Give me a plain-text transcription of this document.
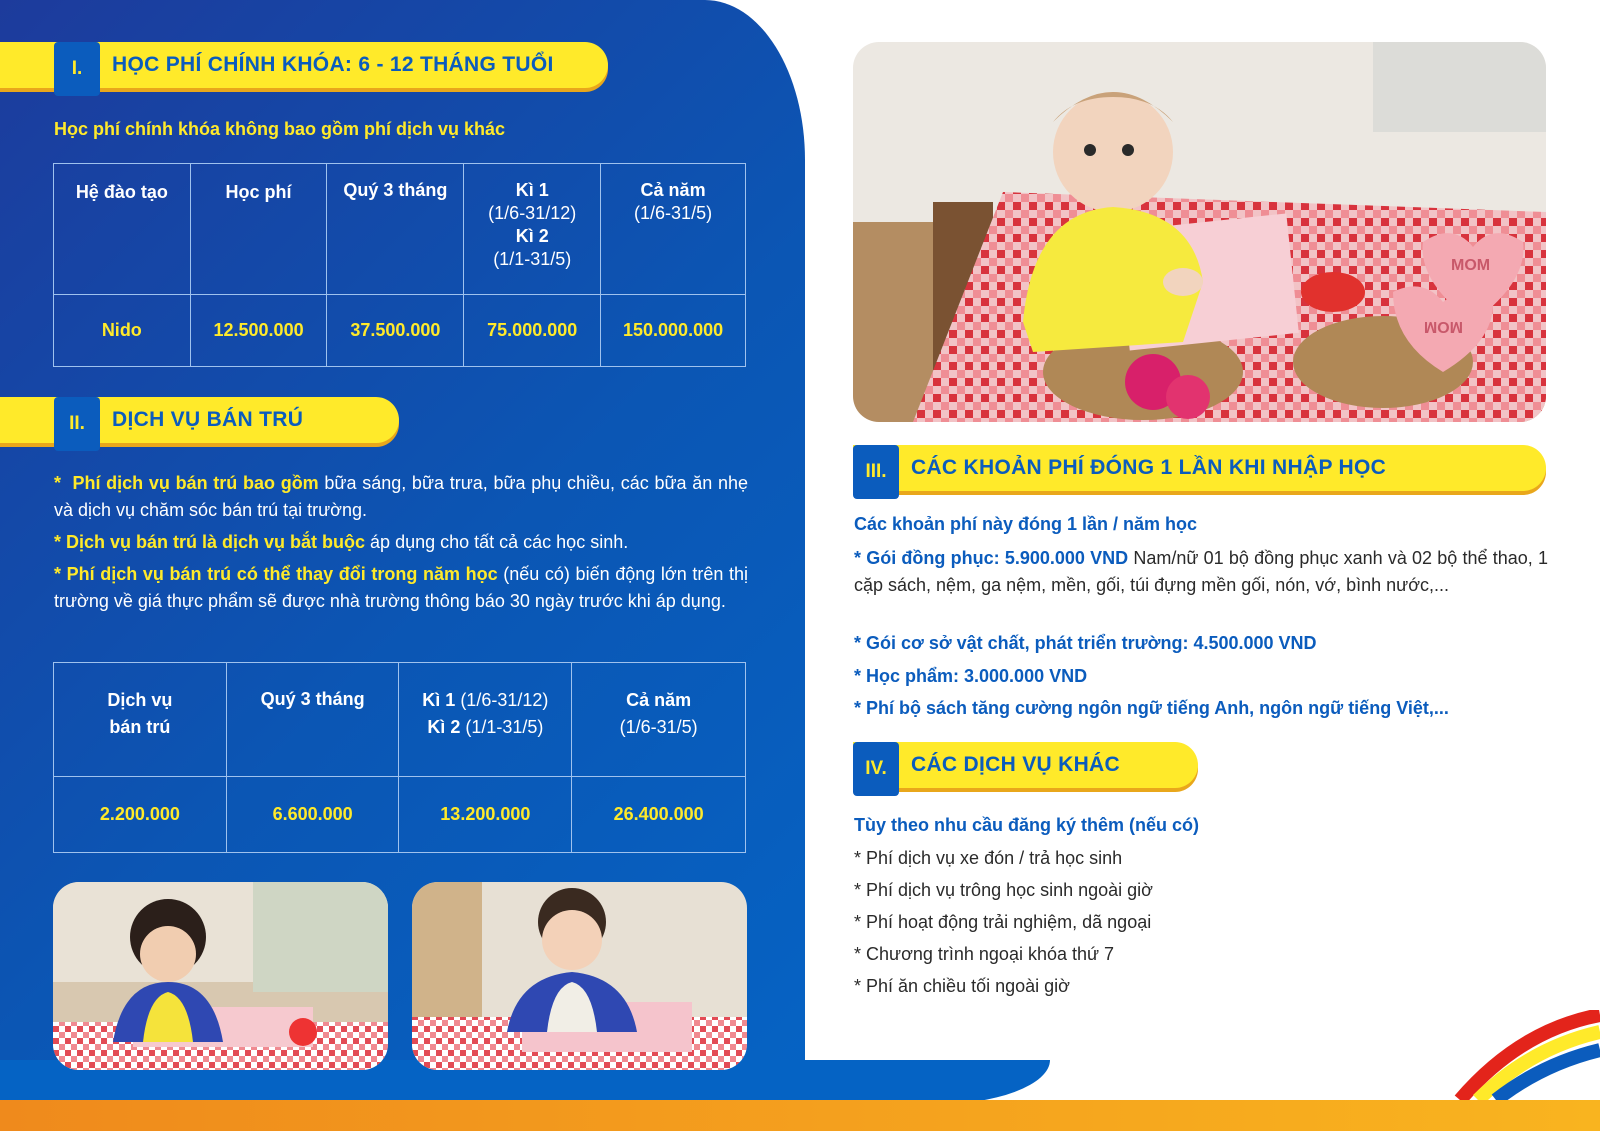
I.	HỌC PHÍ CHÍNH KHÓA: 6 - 12 THÁNG TUỔI
Học phí chính khóa không bao gồm phí dịch vụ khác
Hệ đào tạo	Học phí	Quý 3 tháng	Kì 1
(1/6-31/12)
Kì 2
(1/1-31/5)	Cả năm
(1/6-31/5)
Nido	12.500.000	37.500.000	75.000.000	150.000.000
II.	DỊCH VỤ BÁN TRÚ
* Phí dịch vụ bán trú bao gồm bữa sáng, bữa trưa, bữa phụ chiều, các bữa ăn nhẹ và dịch vụ chăm sóc bán trú tại trường.
* Dịch vụ bán trú là dịch vụ bắt buộc áp dụng cho tất cả các học sinh.
* Phí dịch vụ bán trú có thể thay đổi trong năm học (nếu có) biến động lớn trên thị trường về giá thực phẩm sẽ được nhà trường thông báo 30 ngày trước khi áp dụng.
Dịch vụ
bán trú	Quý 3 tháng	Kì 1 (1/6-31/12)
Kì 2 (1/1-31/5)	Cả năm
(1/6-31/5)
2.200.000	6.600.000	13.200.000	26.400.000
MOM
MOM
III.	CÁC KHOẢN PHÍ ĐÓNG 1 LẦN KHI NHẬP HỌC
Các khoản phí này đóng 1 lần / năm học
* Gói đồng phục: 5.900.000 VND Nam/nữ 01 bộ đồng phục xanh và 02 bộ thể thao, 1 cặp sách, nệm, ga nệm, mền, gối, túi đựng mền gối, nón, vớ, bình nước,...
* Gói cơ sở vật chất, phát triển trường: 4.500.000 VND
* Học phẩm: 3.000.000 VND
* Phí bộ sách tăng cường ngôn ngữ tiếng Anh, ngôn ngữ tiếng Việt,...
IV.	CÁC DỊCH VỤ KHÁC
Tùy theo nhu cầu đăng ký thêm (nếu có)
* Phí dịch vụ xe đón / trả học sinh
* Phí dịch vụ trông học sinh ngoài giờ
* Phí hoạt động trải nghiệm, dã ngoại
* Chương trình ngoại khóa thứ 7
* Phí ăn chiều tối ngoài giờ
